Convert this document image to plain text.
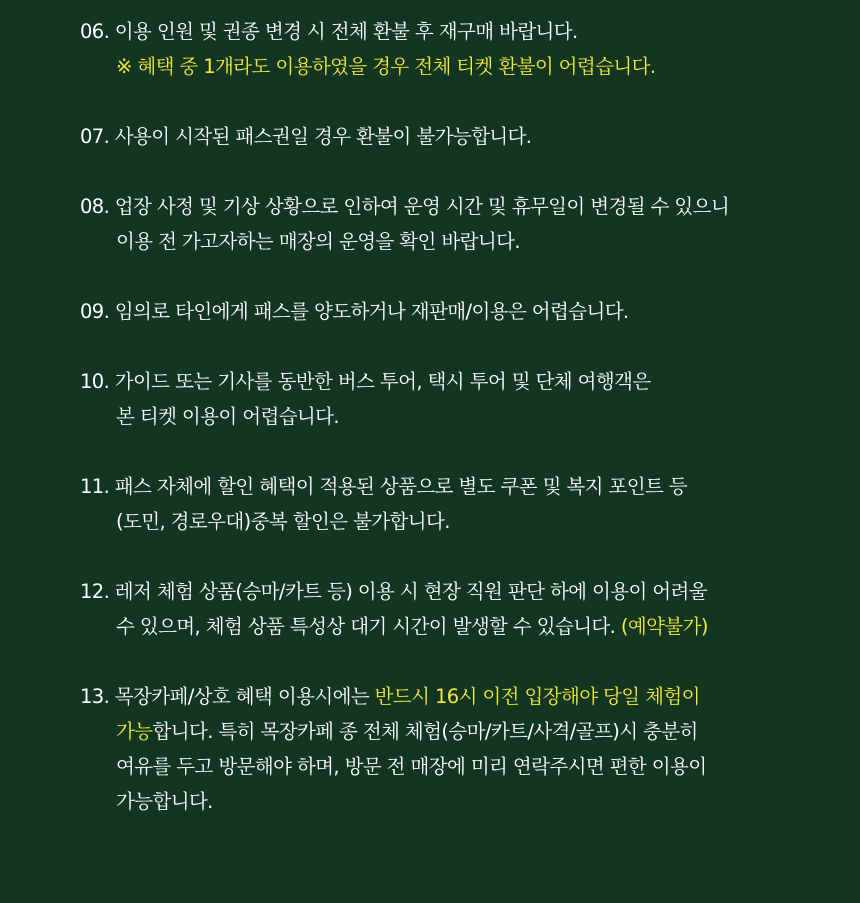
06. 이용 인원 및 권종 변경 시 전체 환불 후 재구매 바랍니다.
※ 혜택 중 1개라도 이용하였을 경우 전체 티켓 환불이 어렵습니다.
07. 사용이 시작된 패스권일 경우 환불이 불가능합니다.
08. 업장 사정 및 기상 상황으로 인하여 운영 시간 및 휴무일이 변경될 수 있으니
이용 전 가고자하는 매장의 운영을 확인 바랍니다.
09. 임의로 타인에게 패스를 양도하거나 재판매/이용은 어렵습니다.
10. 가이드 또는 기사를 동반한 버스 투어, 택시 투어 및 단체 여행객은
본 티켓 이용이 어렵습니다.
11. 패스 자체에 할인 혜택이 적용된 상품으로 별도 쿠폰 및 복지 포인트 등
(도민, 경로우대)중복 할인은 불가합니다.
12. 레저 체험 상품(승마/카트 등) 이용 시 현장 직원 판단 하에 이용이 어려울
수 있으며, 체험 상품 특성상 대기 시간이 발생할 수 있습니다. (예약불가)
13. 목장카페/상호 혜택 이용시에는 반드시 16시 이전 입장해야 당일 체험이
가능합니다. 특히 목장카페 종 전체 체험(승마/카트/사격/골프)시 충분히
여유를 두고 방문해야 하며, 방문 전 매장에 미리 연락주시면 편한 이용이
가능합니다.
